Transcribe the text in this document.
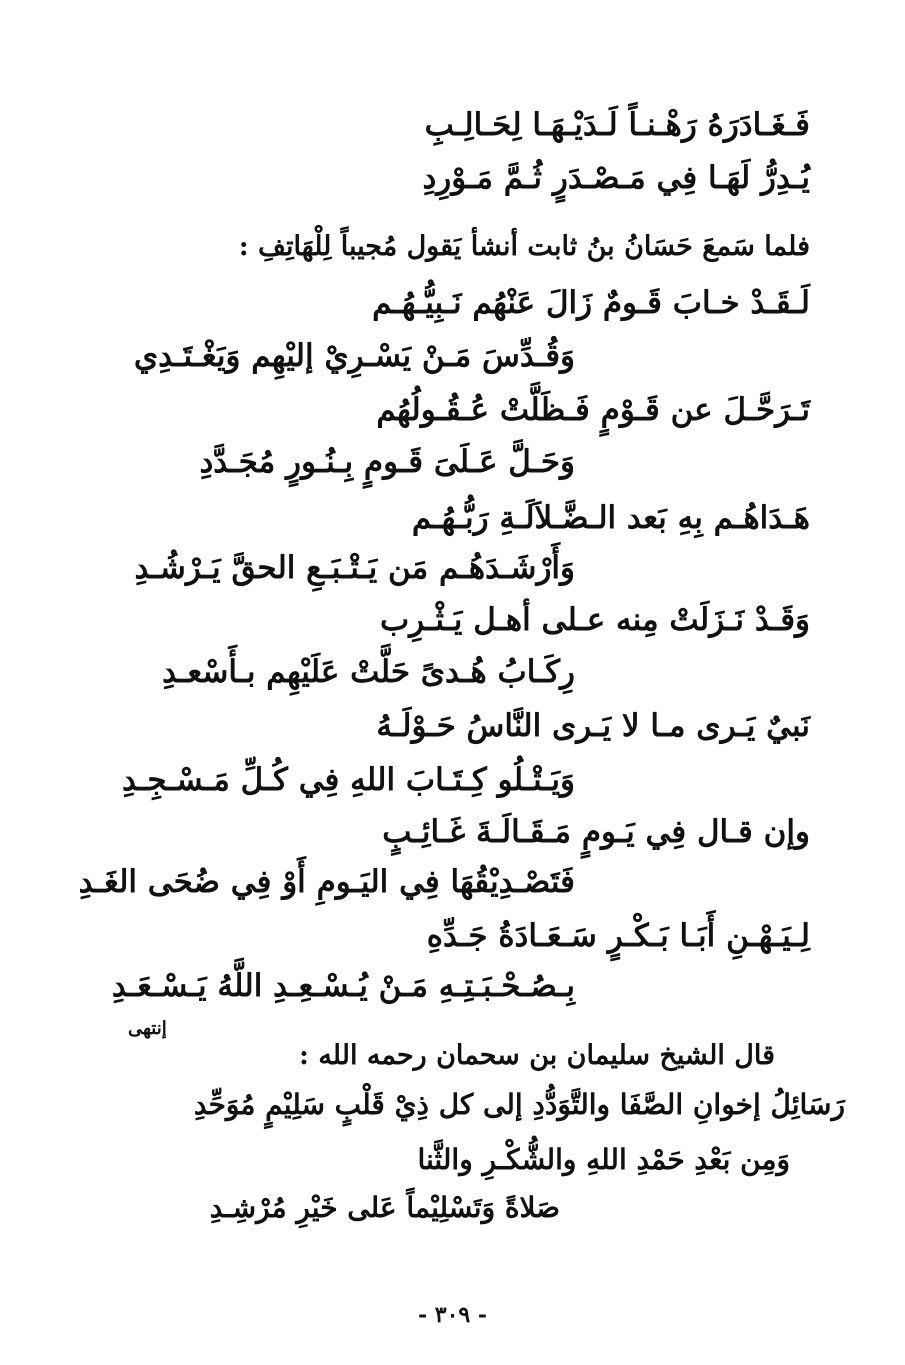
فَـغَـادَرَهُ رَهْـنـاً لَـدَيْـهَـا لِحَـالِـبِ
يُـدِرُّ لَهَـا فِي مَـصْـدَرٍ ثُـمَّ مَـوْرِدِ
فلما سَمعَ حَسَانُ بنُ ثابت أنشأ يَقول مُجيباً لِلْهَاتِفِ :
لَـقَـدْ خـابَ قَـومٌ زَالَ عَنْهُم نَـبِيُّـهُـم
وَقُـدِّسَ مَـنْ يَسْـرِيْ إليْهِم وَيَغْـتَـدِي
تَـرَحَّـلَ عن قَـوْمٍ فَـظَلَّتْ عُـقُـولُهُم
وَحَـلَّ عَـلَىَ قَـومٍ بِـنُـورٍ مُجَـدَّدِ
هَـدَاهُـم بِهِ بَعد الـضَّـلاَلَـةِ رَبُّـهُـم
وَأَرْشَـدَهُـم مَن يَـتْـبَـعِ الحقَّ يَـرْشُـدِ
وَقَـدْ نَـزَلَتْ مِنه عـلى أهـل يَـثْـرِب
رِكَـابُ هُـدىً حَلَّتْ عَلَيْهِم بـأَسْعـدِ
نَبيٌ يَـرى مـا لا يَـرى النَّاسُ حَـوْلَـهُ
وَيَـتْـلُو كِـتَـابَ اللهِ فِي كُـلِّ مَـسْـجِـدِ
وإن قـال فِي يَـومٍ مَـقَـالَـةَ غَـائِـبٍ
فَتَصْـدِيْقُهَا فِي اليَـومِ أَوْ فِي ضُحَى الغَـدِ
لِـيَـهْـنِ أَبَـا بَـكْـرٍ سَـعَـادَةُ جَـدِّهِ
بِـصُـحْـبَـتِـهِ مَـنْ يُـسْـعِـدِ اللَّهُ يَـسْـعَـدِ
إنتهى
قال الشيخ سليمان بن سحمان رحمه الله :
رَسَائِلُ إخوانِ الصَّفَا والتَّوَدُّدِ إلى كل ذِيْ قَلْبٍ سَلِيْمٍ مُوَحِّدِ
وَمِن بَعْدِ حَمْدِ اللهِ والشُّكْـرِ والثَّنا
صَلاةً وَتَسْلِيْماً عَلى خَيْرِ مُرْشِـدِ
- ٣٠٩ -
